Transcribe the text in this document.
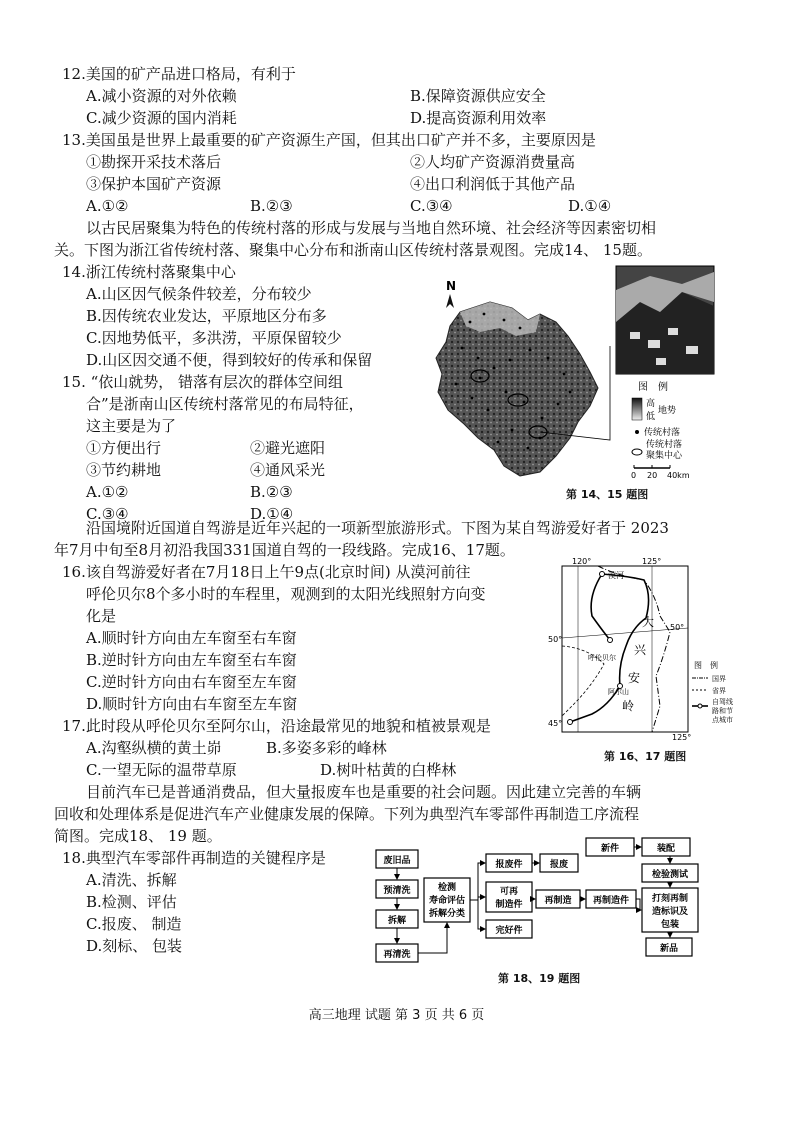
12.美国的矿产品进口格局，有利于
A.减小资源的对外依赖	B.保障资源供应安全
C.减少资源的国内消耗	D.提高资源利用效率
13.美国虽是世界上最重要的矿产资源生产国，但其出口矿产并不多，主要原因是
①勘探开采技术落后	②人均矿产资源消费量高
③保护本国矿产资源	④出口利润低于其他产品
A.①②	B.②③	C.③④	D.①④
以古民居聚集为特色的传统村落的形成与发展与当地自然环境、社会经济等因素密切相
关。下图为浙江省传统村落、聚集中心分布和浙南山区传统村落景观图。完成14、 15题。
14.浙江传统村落聚集中心
A.山区因气候条件较差，分布较少
B.因传统农业发达，平原地区分布多
C.因地势低平，多洪涝，平原保留较少
D.山区因交通不便，得到较好的传承和保留
15. “依山就势， 错落有层次的群体空间组
合”是浙南山区传统村落常见的布局特征，
这主要是为了
①方便出行	②避光遮阳
③节约耕地	④通风采光
A.①②	B.②③
C.③④	D.①④
N
图　例
高
低
地势
传统村落
传统村落
聚集中心
0 20 40km
第 14、15 题图
沿国境附近国道自驾游是近年兴起的一项新型旅游形式。下图为某自驾游爱好者于 2023
年7月中旬至8月初沿我国331国道自驾的一段线路。完成16、17题。
16.该自驾游爱好者在7月18日上午9点(北京时间) 从漠河前往
呼伦贝尔8个多小时的车程里，观测到的太阳光线照射方向变
化是
A.顺时针方向由左车窗至右车窗
B.逆时针方向由左车窗至右车窗
C.逆时针方向由右车窗至左车窗
D.顺时针方向由右车窗至左车窗
17.此时段从呼伦贝尔至阿尔山，沿途最常见的地貌和植被景观是
A.沟壑纵横的黄土峁	B.多姿多彩的峰林
C.一望无际的温带草原	D.树叶枯黄的白桦林
120°	125°
50°
50°
45°
125°
漠河
呼伦贝尔
阿尔山
大
兴
安
岭
图　例
国界
省界
自驾线
路和节
点城市
第 16、17 题图
目前汽车已是普通消费品，但大量报废车也是重要的社会问题。因此建立完善的车辆
回收和处理体系是促进汽车产业健康发展的保障。下列为典型汽车零部件再制造工序流程
简图。完成18、 19 题。
18.典型汽车零部件再制造的关键程序是
A.清洗、拆解
B.检测、评估
C.报废、 制造
D.刻标、 包装
废旧品
预清洗
拆解
再清洗
检测
寿命评估
拆解分类
报废件	报废
可再
制造件 再制造 再制造件
完好件
新件	装配
检验测试
打刻再制
造标识及
包装
新品
第 18、19 题图
高三地理 试题 第 3 页 共 6 页
